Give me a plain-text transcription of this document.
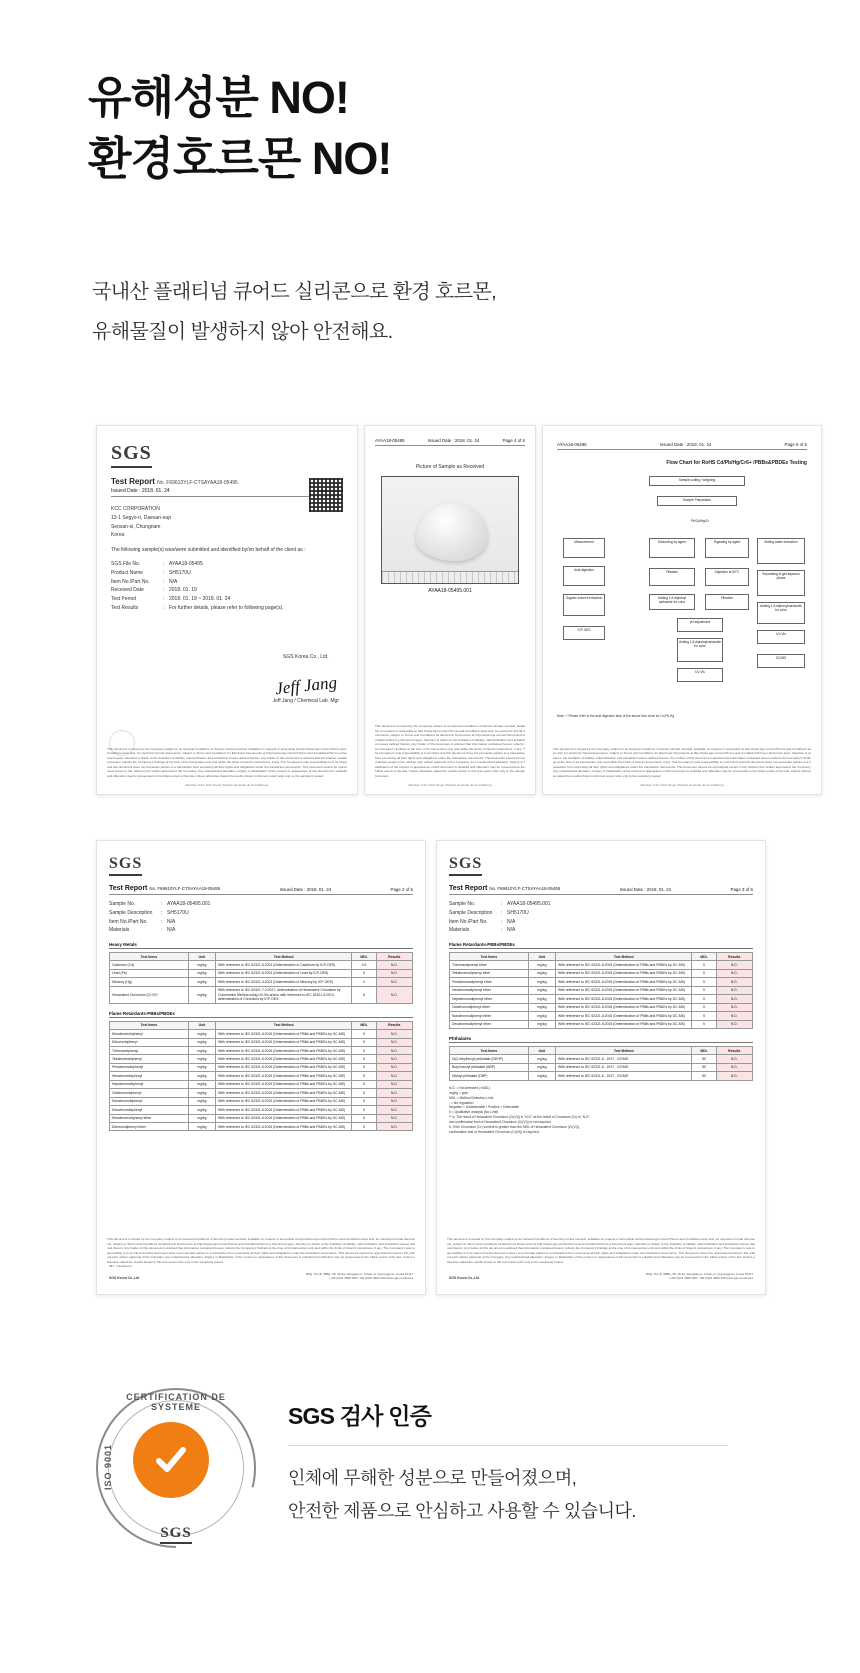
유해성분 NO!
환경호르몬 NO!
국내산 플래티넘 큐어드 실리콘으로 환경 호르몬,
유해물질이 발생하지 않아 안전해요.
SGS
Test Report No. F69610YLF-CTSAYAA18-05495
Issued Date : 2018. 01. 24
KCC CORPORATION
13-1 Segyo-ri, Daesan-eup
Seosan-si, Chungnam
Korea
The following sample(s) was/were submitted and identified by/on behalf of the client as :
SGS File No.	: AYAA18-05495
Product Name	: SH5170U
Item No./Part No.	: N/A
Received Date	: 2018. 01. 19
Test Period	: 2018. 01. 19 ~ 2018. 01. 24
Test Results	: For further details, please refer to following page(s).
SGS Korea Co., Ltd.
Jeff Jang
Jeff Jang / Chemical Lab. Mgr
This document is issued by the Company subject to its General Conditions of Service printed overleaf, available on request or accessible at http://www.sgs.com/en/Terms-and-Conditions.aspx and, for electronic format documents, subject to Terms and Conditions for Electronic Documents at http://www.sgs.com/en/Terms-and-Conditions/Terms-e-Document.aspx. Attention is drawn to the limitation of liability, indemnification and jurisdiction issues defined therein. Any holder of this document is advised that information contained hereon reflects the Company's findings at the time of its intervention only and within the limits of Client's instructions, if any. The Company's sole responsibility is to its Client and this document does not exonerate parties to a transaction from exercising all their rights and obligations under the transaction documents. This document cannot be reproduced except in full, without prior written approval of the Company. Any unauthorized alteration, forgery or falsification of the content or appearance of this document is unlawful and offenders may be prosecuted to the fullest extent of the law. Unless otherwise stated the results shown in this test report refer only to the sample(s) tested.
Member of the SGS Group (Société Générale de Surveillance)
AYAA18-05495	Issued Date : 2018. 01. 24	Page 4 of 6
Picture of Sample as Received
AYAA18-05495.001
This document is issued by the Company subject to its General Conditions of Service printed overleaf, available on request or accessible at http://www.sgs.com/en/Terms-and-Conditions.aspx and, for electronic format documents, subject to Terms and Conditions for Electronic Documents at http://www.sgs.com/en/Terms-and-Conditions/Terms-e-Document.aspx. Attention is drawn to the limitation of liability, indemnification and jurisdiction issues defined therein. Any holder of this document is advised that information contained hereon reflects the Company's findings at the time of its intervention only and within the limits of Client's instructions, if any. The Company's sole responsibility is to its Client and this document does not exonerate parties to a transaction from exercising all their rights and obligations under the transaction documents. This document cannot be reproduced except in full, without prior written approval of the Company. Any unauthorized alteration, forgery or falsification of the content or appearance of this document is unlawful and offenders may be prosecuted to the fullest extent of the law. Unless otherwise stated the results shown in this test report refer only to the sample(s) tested.
Member of the SGS Group (Société Générale de Surveillance)
AYAA18-05495	Issued Date : 2018. 01. 24	Page 5 of 6
Flow Chart for RoHS Cd/Pb/Hg/Cr6+ /PBBs&PBDEs Testing
Sample cutting / weighing
Sample Preparation
Pb/Cd/Hg/Cr
Measurement
Acid digestion
Organic solvent extraction
Dissolving by agent	Digesting by agent	Boiling water extraction
Filtration	Digestion at 90°C	Separating to get aqueous phase
Adding 1,5-diphenyl carbazide for color
Filtration
Adding 1,5-diphenylcarbazide for color
pH adjustment
Adding 1,5-diphenylcarbazide for color
UV-Vis
UV-Vis
GC/MS
ICP-OES
Note : * Please refer to the acid digestion step of the above flow chart for Cd,Pb,Hg
This document is issued by the Company subject to its General Conditions of Service printed overleaf, available on request or accessible at http://www.sgs.com/en/Terms-and-Conditions.aspx and, for electronic format documents, subject to Terms and Conditions for Electronic Documents at http://www.sgs.com/en/Terms-and-Conditions/Terms-e-Document.aspx. Attention is drawn to the limitation of liability, indemnification and jurisdiction issues defined therein. Any holder of this document is advised that information contained hereon reflects the Company's findings at the time of its intervention only and within the limits of Client's instructions, if any. The Company's sole responsibility is to its Client and this document does not exonerate parties to a transaction from exercising all their rights and obligations under the transaction documents. This document cannot be reproduced except in full, without prior written approval of the Company. Any unauthorized alteration, forgery or falsification of the content or appearance of this document is unlawful and offenders may be prosecuted to the fullest extent of the law. Unless otherwise stated the results shown in this test report refer only to the sample(s) tested.
Member of the SGS Group (Société Générale de Surveillance)
SGS
Test Report No. F69610YLF-CTSAYAA18-05495	Issued Date : 2018. 01. 24	Page 2 of 6
Sample No.	: AYAA18-05495.001
Sample Description : SH5170U
Item No./Part No.	: N/A
Materials	: N/A
Heavy Metals
Test Items	Unit	Test Method	MDL	Results
Cadmium (Cd)	mg/kg	With reference to IEC 62321-5:2013 (Determination of Cadmium by ICP-OES)	0.5	N.D.
Lead (Pb)	mg/kg	With reference to IEC 62321-5:2013 (Determination of Lead by ICP-OES)	5	N.D.
Mercury (Hg)	mg/kg	With reference to IEC 62321-4:2013 (Determination of Mercury by ICP-OES)	2	N.D.
Hexavalent Chromium (Cr VI)*	mg/kg	With reference to IEC 62321-7-2:2017, determination of Hexavalent Chromium by Colorimetric Method using UV-Vis and/or with reference to IEC 62321-5:2013, determination of Chromium by ICP-OES.	8	N.D.
Flame Retardants-PBBs/PBDEs
Test Items	Unit	Test Method	MDL	Results
Monobromobiphenyl	mg/kg	With reference to IEC 62321-6:2015 (Determination of PBBs and PBDEs by GC-MS)	5	N.D.
Dibromobiphenyl	mg/kg	With reference to IEC 62321-6:2015 (Determination of PBBs and PBDEs by GC-MS)	5	N.D.
Tribromobiphenyl	mg/kg	With reference to IEC 62321-6:2015 (Determination of PBBs and PBDEs by GC-MS)	5	N.D.
Tetrabromobiphenyl	mg/kg	With reference to IEC 62321-6:2015 (Determination of PBBs and PBDEs by GC-MS)	5	N.D.
Pentabromobiphenyl	mg/kg	With reference to IEC 62321-6:2015 (Determination of PBBs and PBDEs by GC-MS)	5	N.D.
Hexabromobiphenyl	mg/kg	With reference to IEC 62321-6:2015 (Determination of PBBs and PBDEs by GC-MS)	5	N.D.
Heptabromobiphenyl	mg/kg	With reference to IEC 62321-6:2015 (Determination of PBBs and PBDEs by GC-MS)	5	N.D.
Octabromobiphenyl	mg/kg	With reference to IEC 62321-6:2015 (Determination of PBBs and PBDEs by GC-MS)	5	N.D.
Nonabromobiphenyl	mg/kg	With reference to IEC 62321-6:2015 (Determination of PBBs and PBDEs by GC-MS)	5	N.D.
Decabromobiphenyl	mg/kg	With reference to IEC 62321-6:2015 (Determination of PBBs and PBDEs by GC-MS)	5	N.D.
Monobromodiphenyl ether	mg/kg	With reference to IEC 62321-6:2015 (Determination of PBBs and PBDEs by GC-MS)	5	N.D.
Dibromodiphenyl ether	mg/kg	With reference to IEC 62321-6:2015 (Determination of PBBs and PBDEs by GC-MS)	5	N.D.
987 - transparent
This document is issued by the Company subject to its General Conditions of Service printed overleaf, available on request or accessible at http://www.sgs.com/en/Terms-and-Conditions.aspx and, for electronic format documents, subject to Terms and Conditions for Electronic Documents at http://www.sgs.com/en/Terms-and-Conditions/Terms-e-Document.aspx. Attention is drawn to the limitation of liability, indemnification and jurisdiction issues defined therein. Any holder of this document is advised that information contained hereon reflects the Company's findings at the time of its intervention only and within the limits of Client's instructions, if any. The Company's sole responsibility is to its Client and this document does not exonerate parties to a transaction from exercising all their rights and obligations under the transaction documents. This document cannot be reproduced except in full, without prior written approval of the Company. Any unauthorized alteration, forgery or falsification of the content or appearance of this document is unlawful and offenders may be prosecuted to the fullest extent of the law. Unless otherwise stated the results shown in this test report refer only to the sample(s) tested.
Bldg. The B, #8Ba, 7B, 25-4a, Sangdae-ro, Ansan-si, Gyeonggi-do, Korea 15117
t +82 (0)31 4660 000 f +82 (0)31 4660 100 www.sgs.com/korea
SGS Korea Co.,Ltd
SGS
Test Report No. F69610YLF-CTSAYAA18-05495	Issued Date : 2018. 01. 24	Page 3 of 6
Sample No.	: AYAA18-05495.001
Sample Description : SH5170U
Item No./Part No.	: N/A
Materials	: N/A
Flame Retardants-PBBs/PBDEs
Test Items	Unit	Test Method	MDL	Results
Tribromodiphenyl ether	mg/kg	With reference to IEC 62321-6:2015 (Determination of PBBs and PBDEs by GC-MS)	5	N.D.
Tetrabromodiphenyl ether	mg/kg	With reference to IEC 62321-6:2015 (Determination of PBBs and PBDEs by GC-MS)	5	N.D.
Pentabromodiphenyl ether	mg/kg	With reference to IEC 62321-6:2015 (Determination of PBBs and PBDEs by GC-MS)	5	N.D.
Hexabromodiphenyl ether	mg/kg	With reference to IEC 62321-6:2015 (Determination of PBBs and PBDEs by GC-MS)	5	N.D.
Heptabromodiphenyl ether	mg/kg	With reference to IEC 62321-6:2015 (Determination of PBBs and PBDEs by GC-MS)	5	N.D.
Octabromodiphenyl ether	mg/kg	With reference to IEC 62321-6:2015 (Determination of PBBs and PBDEs by GC-MS)	5	N.D.
Nonabromodiphenyl ether	mg/kg	With reference to IEC 62321-6:2015 (Determination of PBBs and PBDEs by GC-MS)	5	N.D.
Decabromodiphenyl ether	mg/kg	With reference to IEC 62321-6:2015 (Determination of PBBs and PBDEs by GC-MS)	5	N.D.
Phthalates
Test Items	Unit	Test Method	MDL	Results
Di(2-ethylhexyl) phthalate (DEHP)	mg/kg	With reference to IEC 62321-8 , 2017 , GC/MS	50	N.D.
Butyl benzyl phthalate (BBP)	mg/kg	With reference to IEC 62321-8 , 2017 , GC/MS	50	N.D.
Dibutyl phthalate (DBP)	mg/kg	With reference to IEC 62321-8 , 2017 , GC/MS	50	N.D.
N.D. = Not detected (<MDL)
mg/kg = ppm
MDL = Method Detection Limit
- = No regulation
Negative = Undetectable / Positive = Detectable
# = Qualitative analysis (No Limit)
** a. The result of Hexavalent Chromium (Cr(VI)) is "N.D" as the result of Chromium (Cr) is "N.D",
and confirmation test of Hexavalent Chromium (Cr(VI)) is not required.
b. If the Chromium (Cr) content is greater than the MDL of Hexavalent Chromium (Cr(VI)),
confirmation test of Hexavalent Chromium (Cr(VI)) is required.
This document is issued by the Company subject to its General Conditions of Service printed overleaf, available on request or accessible at http://www.sgs.com/en/Terms-and-Conditions.aspx and, for electronic format documents, subject to Terms and Conditions for Electronic Documents at http://www.sgs.com/en/Terms-and-Conditions/Terms-e-Document.aspx. Attention is drawn to the limitation of liability, indemnification and jurisdiction issues defined therein. Any holder of this document is advised that information contained hereon reflects the Company's findings at the time of its intervention only and within the limits of Client's instructions, if any. The Company's sole responsibility is to its Client and this document does not exonerate parties to a transaction from exercising all their rights and obligations under the transaction documents. This document cannot be reproduced except in full, without prior written approval of the Company. Any unauthorized alteration, forgery or falsification of the content or appearance of this document is unlawful and offenders may be prosecuted to the fullest extent of the law. Unless otherwise stated the results shown in this test report refer only to the sample(s) tested.
Bldg. The B, #8Ba, 7B, 25-4a, Sangdae-ro, Ansan-si, Gyeonggi-do, Korea 15117
t +82 (0)31 4660 000 f +82 (0)31 4660 100 www.sgs.com/korea
SGS Korea Co.,Ltd
CERTIFICATION DE SYSTEME
ISO 9001
SGS
SGS 검사 인증
인체에 무해한 성분으로 만들어졌으며,
안전한 제품으로 안심하고 사용할 수 있습니다.
